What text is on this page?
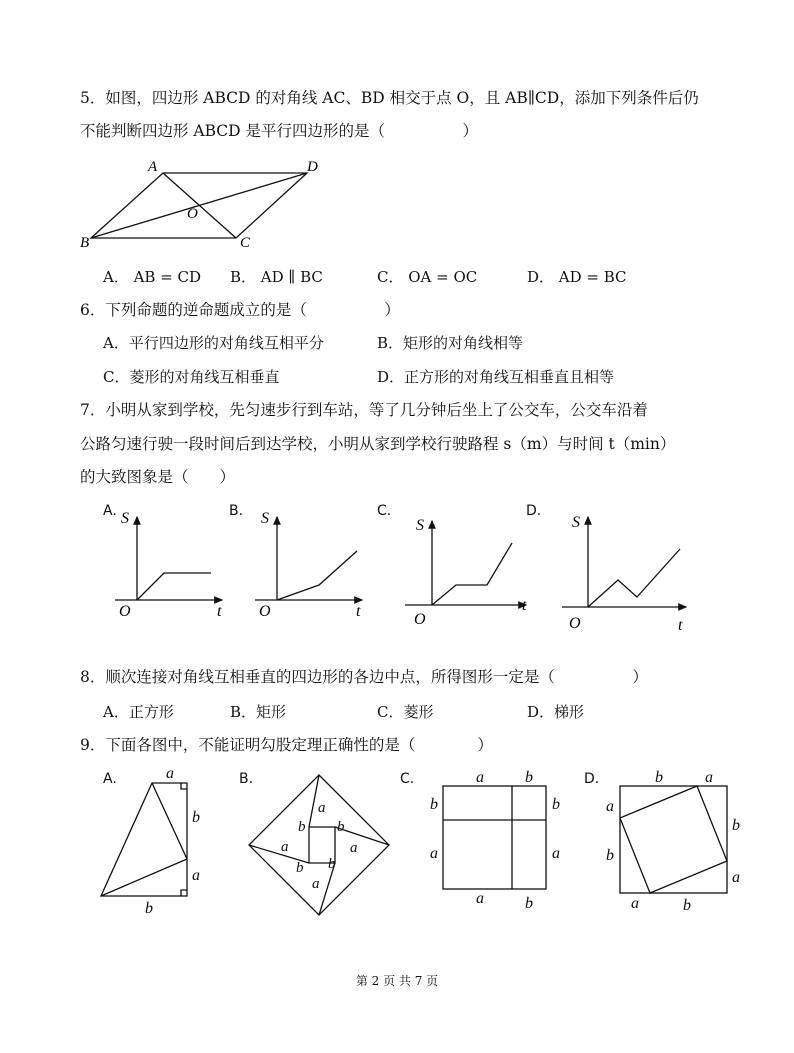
5．如图，四边形 ABCD 的对角线 AC、BD 相交于点 O，且 AB∥CD，添加下列条件后仍
不能判断四边形 ABCD 是平行四边形的是（　　　　　）
A	D
B	C
O
A． AB = CD B． AD ∥ BC	C． OA = OC	D． AD = BC
6．下列命题的逆命题成立的是（　　　　　）
A．平行四边形的对角线互相平分	B．矩形的对角线相等
C．菱形的对角线互相垂直	D．正方形的对角线互相垂直且相等
7．小明从家到学校，先匀速步行到车站，等了几分钟后坐上了公交车，公交车沿着
公路匀速行驶一段时间后到达学校，小明从家到学校行驶路程 s（m）与时间 t（min）
的大致图象是（　　）
A.	B.	C.	D.
S
t
O
S
t
O
S
t
O
S
t
O
8．顺次连接对角线互相垂直的四边形的各边中点，所得图形一定是（　　　　　）
A．正方形	B．矩形	C．菱形	D．梯形
9．下面各图中，不能证明勾股定理正确性的是（　　　　）
A.	B.	C.	D.
a
b
a
b
a
b b
a
a
b b
a
a	b
b
a
b
a
a	b
b	a
a
b
b
a
a	b
第 2 页 共 7 页
